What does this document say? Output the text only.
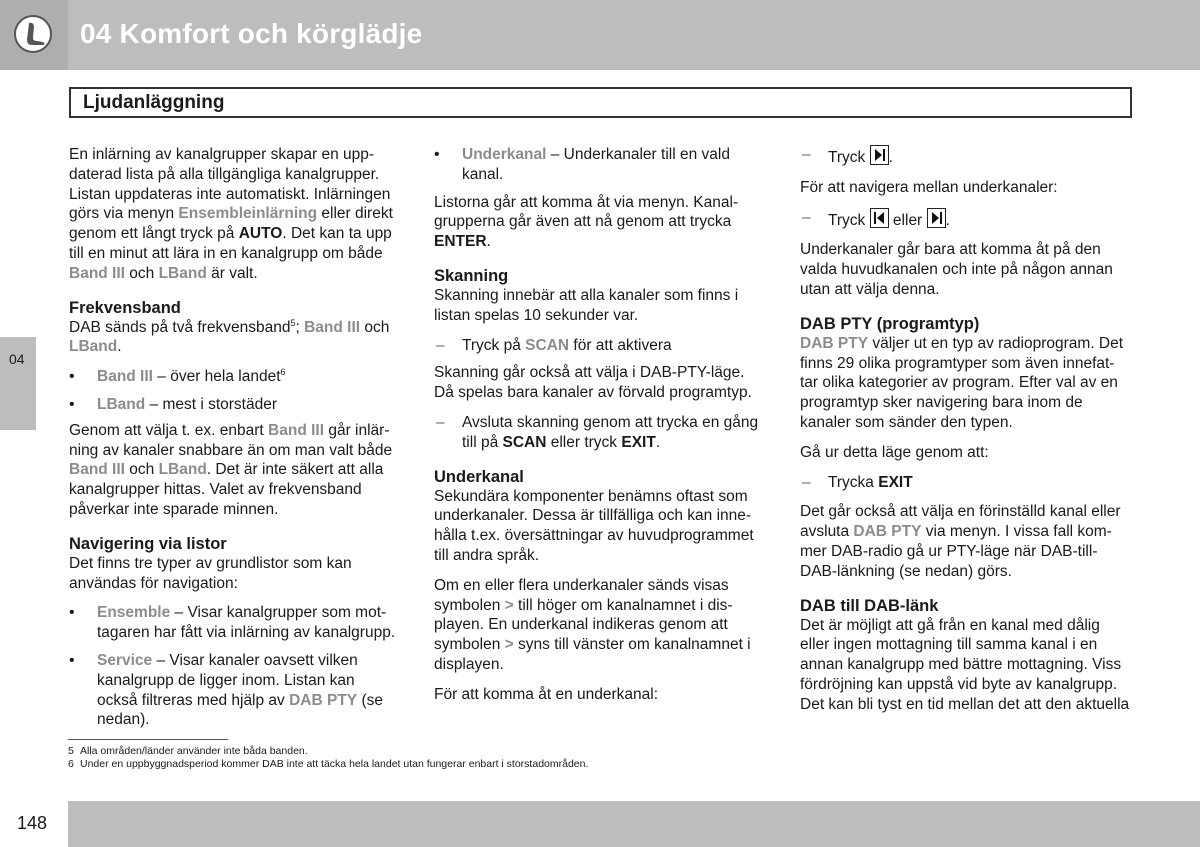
04 Komfort och körglädje
Ljudanläggning
04

En inlärning av kanalgrupper skapar en upp-
daterad lista på alla tillgängliga kanalgrupper.
Listan uppdateras inte automatiskt. Inlärningen
görs via menyn Ensembleinlärning eller direkt
genom ett långt tryck på AUTO. Det kan ta upp
till en minut att lära in en kanalgrupp om både
Band III och LBand är valt.

Frekvensband

DAB sänds på två frekvensband$^5$; Band III och
LBand.

• Band III – över hela landet$^6$
• LBand – mest i storstäder

Genom att välja t. ex. enbart Band III går inlär-
ning av kanaler snabbare än om man valt både
Band III och LBand. Det är inte säkert att alla
kanalgrupper hittas. Valet av frekvensband
påverkar inte sparade minnen.

Navigering via listor

Det finns tre typer av grundlistor som kan
användas för navigation:

• Ensemble – Visar kanalgrupper som mot-
tagaren har fått via inlärning av kanalgrupp.
• Service – Visar kanaler oavsett vilken
kanalgrupp de ligger inom. Listan kan
också filtreras med hjälp av DAB PTY (se
nedan).
• Underkanal – Underkanaler till en vald
kanal.

Listorna går att komma åt via menyn. Kanal-
grupperna går även att nå genom att trycka
ENTER.

Skanning

Skanning innebär att alla kanaler som finns i
listan spelas 10 sekunder var.

– Tryck på SCAN för att aktivera

Skanning går också att välja i DAB-PTY-läge.
Då spelas bara kanaler av förvald programtyp.

– Avsluta skanning genom att trycka en gång
till på SCAN eller tryck EXIT.
Underkanal

Sekundära komponenter benämns oftast som
underkanaler. Dessa är tillfälliga och kan inne-
hålla t.ex. översättningar av huvudprogrammet
till andra språk.

Om en eller flera underkanaler sänds visas
symbolen > till höger om kanalnamnet i dis-
playen. En underkanal indikeras genom att
symbolen > syns till vänster om kanalnamnet i
displayen.

För att komma åt en underkanal:

– Tryck
.

För att navigera mellan underkanaler:

– Tryck
eller
.

Underkanaler går bara att komma åt på den
valda huvudkanalen och inte på någon annan
utan att välja denna.

DAB PTY (programtyp)

DAB PTY väljer ut en typ av radioprogram. Det
finns 29 olika programtyper som även innefat-
tar olika kategorier av program. Efter val av en
programtyp sker navigering bara inom de
kanaler som sänder den typen.

Gå ur detta läge genom att:

– Trycka EXIT

Det går också att välja en förinställd kanal eller
avsluta DAB PTY via menyn. I vissa fall kom-
mer DAB-radio gå ur PTY-läge när DAB-till-
DAB-länkning (se nedan) görs.

DAB till DAB-länk

Det är möjligt att gå från en kanal med dålig
eller ingen mottagning till samma kanal i en
annan kanalgrupp med bättre mottagning. Viss
fördröjning kan uppstå vid byte av kanalgrupp.
Det kan bli tyst en tid mellan det att den aktuella

5 Alla områden/länder använder inte båda banden.
6 Under en uppbyggnadsperiod kommer DAB inte att täcka hela landet utan fungerar enbart i storstadområden.
148
